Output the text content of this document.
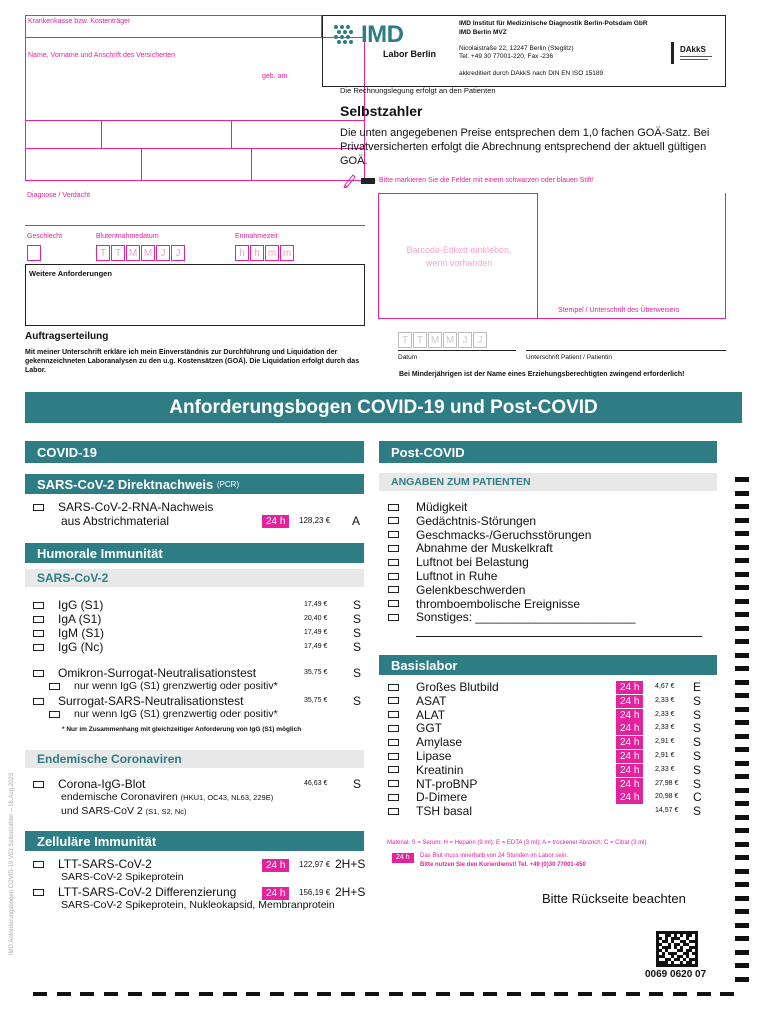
Krankenkasse bzw. Kostenträger
Name, Vorname und Anschrift des Versicherten
geb. am
Diagnose / Verdacht
Geschlecht	Blutentnahmedatum	Entnahmezeit
T T M M J	J	h h m m
Weitere Anforderungen
IMD
Labor Berlin
IMD Institut für Medizinische Diagnostik Berlin-Potsdam GbR
IMD Berlin MVZ
Nicolaistraße 22, 12247 Berlin (Steglitz)
Tel. +49 30 77001-220, Fax -236
akkreditiert durch DAkkS nach DIN EN ISO 15189
DAkkS
Die Rechnungslegung erfolgt an den Patienten
Selbstzahler
Die unten angegebenen Preise entsprechen dem 1,0 fachen GOÄ-Satz. Bei Privatversicherten erfolgt die Abrechnung entsprechend der aktuell gültigen GOÄ.
Bitte markieren Sie die Felder mit einem schwarzen oder blauen Stift!
Barcode-Etikett einkleben, wenn vorhanden
Stempel / Unterschrift des Überweisers
Auftragserteilung
Mit meiner Unterschrift erkläre ich mein Einverständnis zur Durchführung und Liquidation der gekennzeichneten Laboranalysen zu den u.g. Kostensätzen (GOÄ). Die Liquidation erfolgt durch das Labor.
T T M M J	J
Datum	Unterschrift Patient / Patientin
Bei Minderjährigen ist der Name eines Erziehungsberechtigten zwingend erforderlich!
Anforderungsbogen COVID-19 und Post-COVID
COVID-19
SARS-CoV-2 Direktnachweis
(PCR)
SARS-CoV-2-RNA-Nachweis
aus Abstrichmaterial	24 h	128,23 € A
Humorale Immunität
SARS-CoV-2
IgG (S1)	17,49 € S
IgA (S1)	20,40 € S
IgM (S1)	17,49 € S
IgG (Nc)	17,49 € S
Omikron-Surrogat-Neutralisationstest	35,75 € S
nur wenn IgG (S1) grenzwertig oder positiv*
Surrogat-SARS-Neutralisationstest	35,75 € S
nur wenn IgG (S1) grenzwertig oder positiv*
* Nur im Zusammenhang mit gleichzeitiger Anforderung von IgG (S1) möglich
Endemische Coronaviren
Corona-IgG-Blot	46,63 € S
endemische Coronaviren
(HKU1, OC43, NL63, 229E)
und SARS-CoV 2
(S1, S2, Nc)
Zelluläre Immunität
LTT-SARS-CoV-2	24 h	122,97 € 2H+S
SARS-CoV-2 Spikeprotein
LTT-SARS-CoV-2 Differenzierung	24 h	156,19 € 2H+S
SARS-CoV-2 Spikeprotein, Nukleokapsid, Membranprotein
Post-COVID
ANGABEN ZUM PATIENTEN
Müdigkeit
Gedächtnis-Störungen
Geschmacks-/Geruchsstörungen
Abnahme der Muskelkraft
Luftnot bei Belastung
Luftnot in Ruhe
Gelenkbeschwerden
thromboembolische Ereignisse
Sonstiges: ________________________
Basislabor
Großes Blutbild	24 h	4,67 € E
ASAT	24 h	2,33 € S
ALAT	24 h	2,33 € S
GGT	24 h	2,33 € S
Amylase	24 h	2,91 € S
Lipase	24 h	2,91 € S
Kreatinin	24 h	2,33 € S
NT-proBNP	24 h	27,98 € S
D-Dimere	24 h	20,98 € C
TSH basal	14,57 € S
Material: S = Serum; H = Heparin (9 ml); E = EDTA (3 ml); A = trockener Abstrich; C = Citrat (3 ml)
24 h	Das Blut muss innerhalb von 24 Stunden im Labor sein.
Bitte nutzen Sie den Kurierdienst! Tel. +49 (0)30 77001-450
Bitte Rückseite beachten
0069 0620 07
IMD Anforderungsbogen COVID-19 V03 Selbstzahler – 16.Aug.2023
